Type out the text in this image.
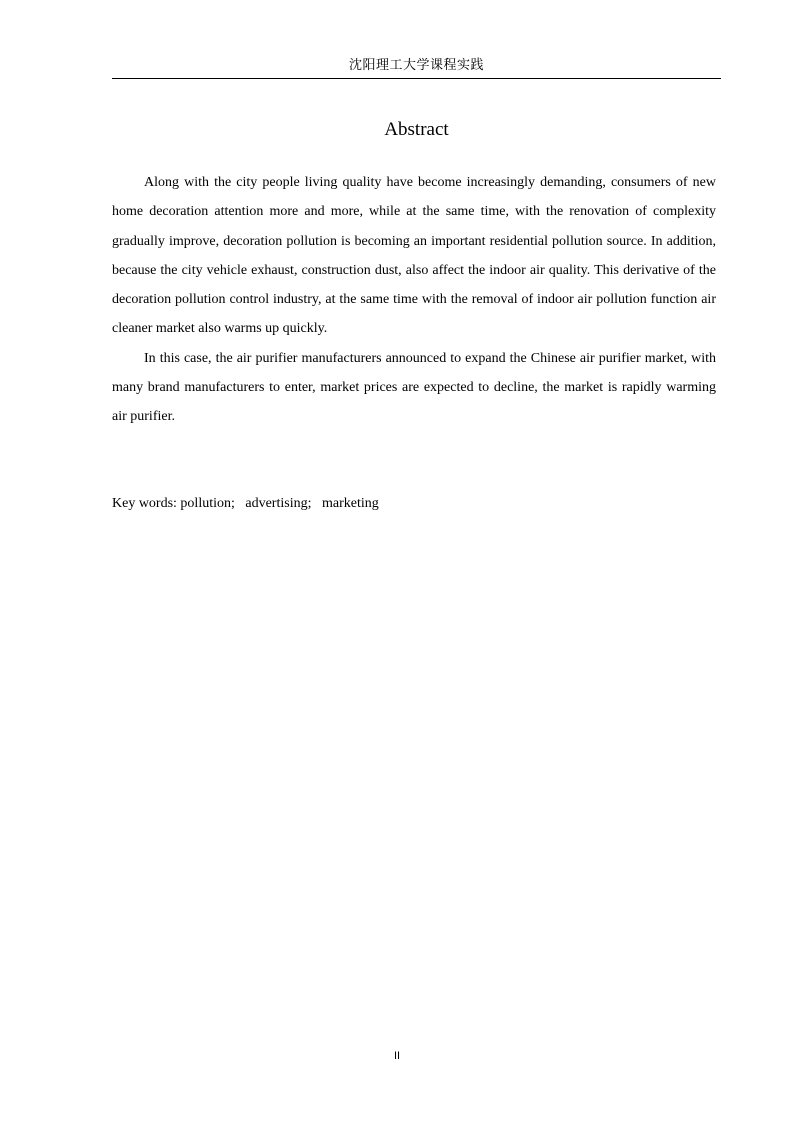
沈阳理工大学课程实践
Abstract

Along with the city people living quality have become increasingly demanding, consumers of new home decoration attention more and more, while at the same time, with the renovation of complexity gradually improve, decoration pollution is becoming an important residential pollution source. In addition, because the city vehicle exhaust, construction dust, also affect the indoor air quality. This derivative of the decoration pollution control industry, at the same time with the removal of indoor air pollution function air cleaner market also warms up quickly.

In this case, the air purifier manufacturers announced to expand the Chinese air purifier market, with many brand manufacturers to enter, market prices are expected to decline, the market is rapidly warming air purifier.

Key words: pollution;   advertising;   marketing
II
